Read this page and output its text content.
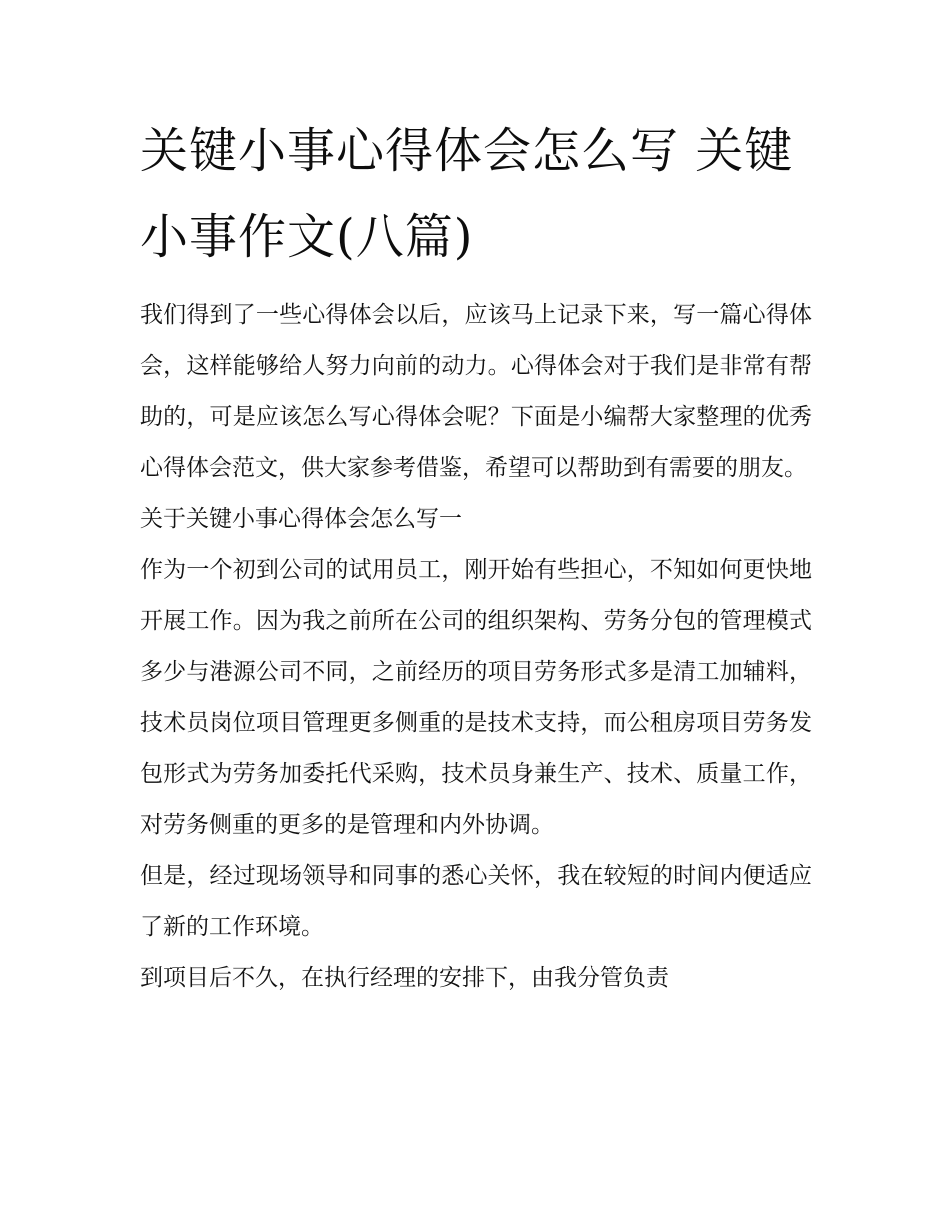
关键小事心得体会怎么写 关键小事作文(八篇)

我们得到了一些心得体会以后，应该马上记录下来，写一篇心得体会，这样能够给人努力向前的动力。心得体会对于我们是非常有帮助的，可是应该怎么写心得体会呢？下面是小编帮大家整理的优秀心得体会范文，供大家参考借鉴，希望可以帮助到有需要的朋友。

关于关键小事心得体会怎么写一

作为一个初到公司的试用员工，刚开始有些担心，不知如何更快地开展工作。因为我之前所在公司的组织架构、劳务分包的管理模式多少与港源公司不同，之前经历的项目劳务形式多是清工加辅料，技术员岗位项目管理更多侧重的是技术支持，而公租房项目劳务发包形式为劳务加委托代采购，技术员身兼生产、技术、质量工作，对劳务侧重的更多的是管理和内外协调。

但是，经过现场领导和同事的悉心关怀，我在较短的时间内便适应了新的工作环境。

到项目后不久，在执行经理的安排下，由我分管负责
